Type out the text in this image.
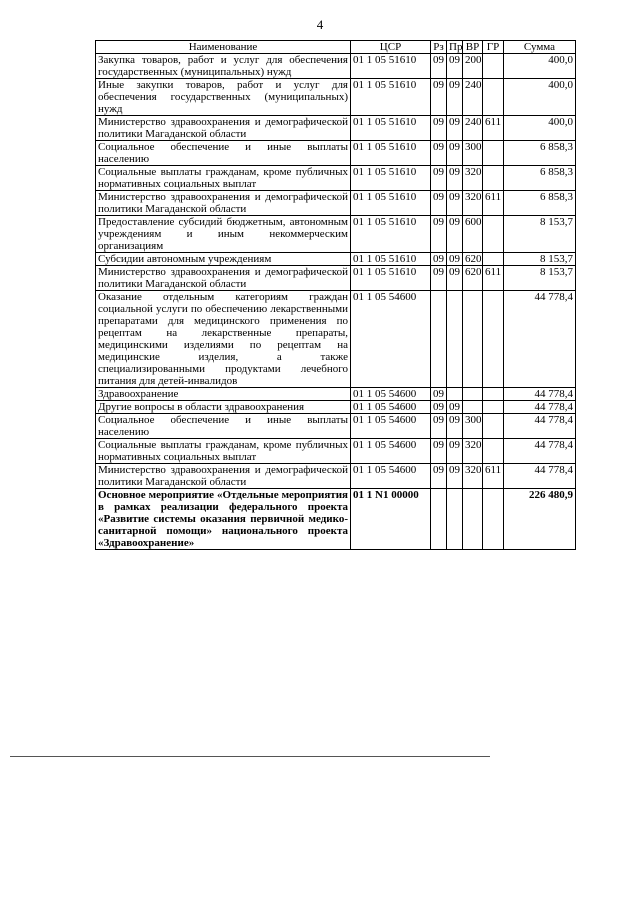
4
Наименование	ЦСР	Рз	Пр	ВР	ГР	Сумма
Закупка товаров, работ и услуг для обеспечения государственных (муниципальных) нужд	01 1 05 51610	09	09	200		400,0
Иные закупки товаров, работ и услуг для обеспечения государственных (муниципальных) нужд	01 1 05 51610	09	09	240		400,0
Министерство здравоохранения и демографической политики Магаданской области	01 1 05 51610	09	09	240	611	400,0
Социальное обеспечение и иные выплаты населению	01 1 05 51610	09	09	300		6 858,3
Социальные выплаты гражданам, кроме публичных нормативных социальных выплат	01 1 05 51610	09	09	320		6 858,3
Министерство здравоохранения и демографической политики Магаданской области	01 1 05 51610	09	09	320	611	6 858,3
Предоставление субсидий бюджетным, автономным учреждениям и иным некоммерческим организациям	01 1 05 51610	09	09	600		8 153,7
Субсидии автономным учреждениям	01 1 05 51610	09	09	620		8 153,7
Министерство здравоохранения и демографической политики Магаданской области	01 1 05 51610	09	09	620	611	8 153,7
Оказание отдельным категориям граждан социальной услуги по обеспечению лекарственными препаратами для медицинского применения по рецептам на лекарственные препараты, медицинскими изделиями по рецептам на медицинские изделия, а также специализированными продуктами лечебного питания для детей-инвалидов	01 1 05 54600					44 778,4
Здравоохранение	01 1 05 54600	09				44 778,4
Другие вопросы в области здравоохранения	01 1 05 54600	09	09			44 778,4
Социальное обеспечение и иные выплаты населению	01 1 05 54600	09	09	300		44 778,4
Социальные выплаты гражданам, кроме публичных нормативных социальных выплат	01 1 05 54600	09	09	320		44 778,4
Министерство здравоохранения и демографической политики Магаданской области	01 1 05 54600	09	09	320	611	44 778,4
Основное мероприятие «Отдельные мероприятия в рамках реализации федерального проекта «Развитие системы оказания первичной медико-санитарной помощи» национального проекта «Здравоохранение»	01 1 N1 00000					226 480,9
